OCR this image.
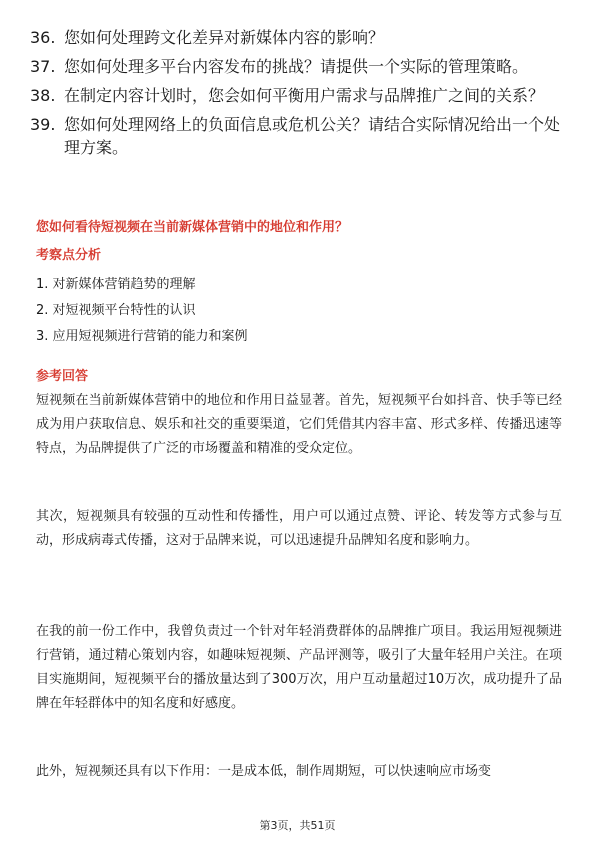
36. 您如何处理跨文化差异对新媒体内容的影响？
37. 您如何处理多平台内容发布的挑战？请提供一个实际的管理策略。
38. 在制定内容计划时，您会如何平衡用户需求与品牌推广之间的关系？
39. 您如何处理网络上的负面信息或危机公关？请结合实际情况给出一个处理方案。
您如何看待短视频在当前新媒体营销中的地位和作用？
考察点分析
1. 对新媒体营销趋势的理解
2. 对短视频平台特性的认识
3. 应用短视频进行营销的能力和案例
参考回答
短视频在当前新媒体营销中的地位和作用日益显著。首先，短视频平台如抖音、快手等已经成为用户获取信息、娱乐和社交的重要渠道，它们凭借其内容丰富、形式多样、传播迅速等特点，为品牌提供了广泛的市场覆盖和精准的受众定位。
其次，短视频具有较强的互动性和传播性，用户可以通过点赞、评论、转发等方式参与互动，形成病毒式传播，这对于品牌来说，可以迅速提升品牌知名度和影响力。
在我的前一份工作中，我曾负责过一个针对年轻消费群体的品牌推广项目。我运用短视频进行营销，通过精心策划内容，如趣味短视频、产品评测等，吸引了大量年轻用户关注。在项目实施期间，短视频平台的播放量达到了300万次，用户互动量超过10万次，成功提升了品牌在年轻群体中的知名度和好感度。
此外，短视频还具有以下作用：一是成本低，制作周期短，可以快速响应市场变
第3页，共51页
